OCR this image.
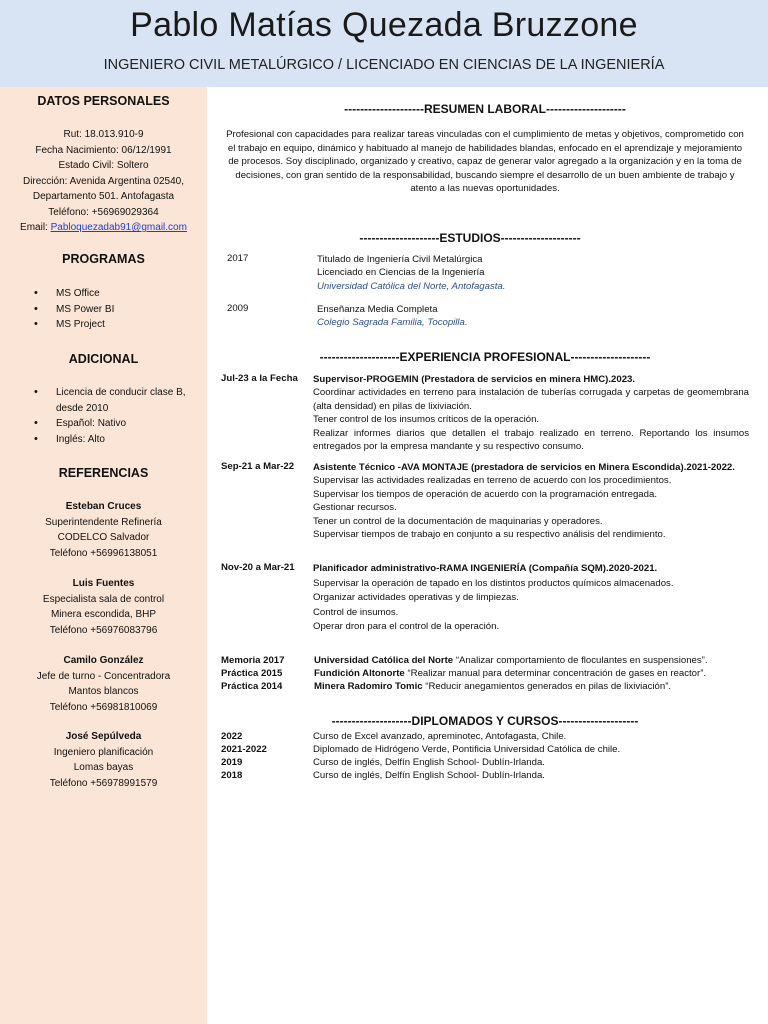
Pablo Matías Quezada Bruzzone
INGENIERO CIVIL METALÚRGICO / LICENCIADO EN CIENCIAS DE LA INGENIERÍA
DATOS PERSONALES
Rut: 18.013.910-9
Fecha Nacimiento: 06/12/1991
Estado Civil: Soltero
Dirección: Avenida Argentina 02540,
Departamento 501. Antofagasta
Teléfono: +56969029364
Email: Pabloquezadab91@gmail.com
PROGRAMAS
• MS Office
• MS Power BI
• MS Project
ADICIONAL
• Licencia de conducir clase B, desde 2010
• Español: Nativo
• Inglés: Alto
REFERENCIAS
Esteban Cruces
Superintendente Refinería
CODELCO Salvador
Teléfono +56996138051
Luis Fuentes
Especialista sala de control
Minera escondida, BHP
Teléfono +56976083796
Camilo González
Jefe de turno - Concentradora
Mantos blancos
Teléfono +56981810069
José Sepúlveda
Ingeniero planificación
Lomas bayas
Teléfono +56978991579
--------------------RESUMEN LABORAL--------------------
Profesional con capacidades para realizar tareas vinculadas con el cumplimiento de metas y objetivos, comprometido con el trabajo en equipo, dinámico y habituado al manejo de habilidades blandas, enfocado en el aprendizaje y mejoramiento de procesos. Soy disciplinado, organizado y creativo, capaz de generar valor agregado a la organización y en la toma de decisiones, con gran sentido de la responsabilidad, buscando siempre el desarrollo de un buen ambiente de trabajo y atento a las nuevas oportunidades.
--------------------ESTUDIOS--------------------
2017	Titulado de Ingeniería Civil Metalúrgica
Licenciado en Ciencias de la Ingeniería
Universidad Católica del Norte, Antofagasta.
2009	Enseñanza Media Completa
Colegio Sagrada Familia, Tocopilla.
--------------------EXPERIENCIA PROFESIONAL--------------------
Jul-23 a la Fecha Supervisor-PROGEMIN (Prestadora de servicios en minera HMC).2023.
Coordinar actividades en terreno para instalación de tuberías corrugada y carpetas de geomembrana (alta densidad) en pilas de lixiviación.
Tener control de los insumos críticos de la operación.
Realizar informes diarios que detallen el trabajo realizado en terreno. Reportando los insumos entregados por la empresa mandante y su respectivo consumo.
Sep-21 a Mar-22 Asistente Técnico -AVA MONTAJE (prestadora de servicios en Minera Escondida).2021-2022.
Supervisar las actividades realizadas en terreno de acuerdo con los procedimientos.
Supervisar los tiempos de operación de acuerdo con la programación entregada.
Gestionar recursos.
Tener un control de la documentación de maquinarias y operadores.
Supervisar tiempos de trabajo en conjunto a su respectivo análisis del rendimiento.
Nov-20 a Mar-21 Planificador administrativo-RAMA INGENIERÍA (Compañía SQM).2020-2021.
Supervisar la operación de tapado en los distintos productos químicos almacenados.
Organizar actividades operativas y de limpiezas.
Control de insumos.
Operar dron para el control de la operación.
Memoria 2017	Universidad Católica del Norte “Analizar comportamiento de floculantes en suspensiones”.
Práctica 2015	Fundición Altonorte “Realizar manual para determinar concentración de gases en reactor”.
Práctica 2014	Minera Radomiro Tomic “Reducir anegamientos generados en pilas de lixiviación”.
--------------------DIPLOMADOS Y CURSOS--------------------
2022	Curso de Excel avanzado, apreminotec, Antofagasta, Chile.
2021-2022	Diplomado de Hidrógeno Verde, Pontificia Universidad Católica de chile.
2019	Curso de inglés, Delfín English School- Dublín-Irlanda.
2018	Curso de inglés, Delfín English School- Dublín-Irlanda.
